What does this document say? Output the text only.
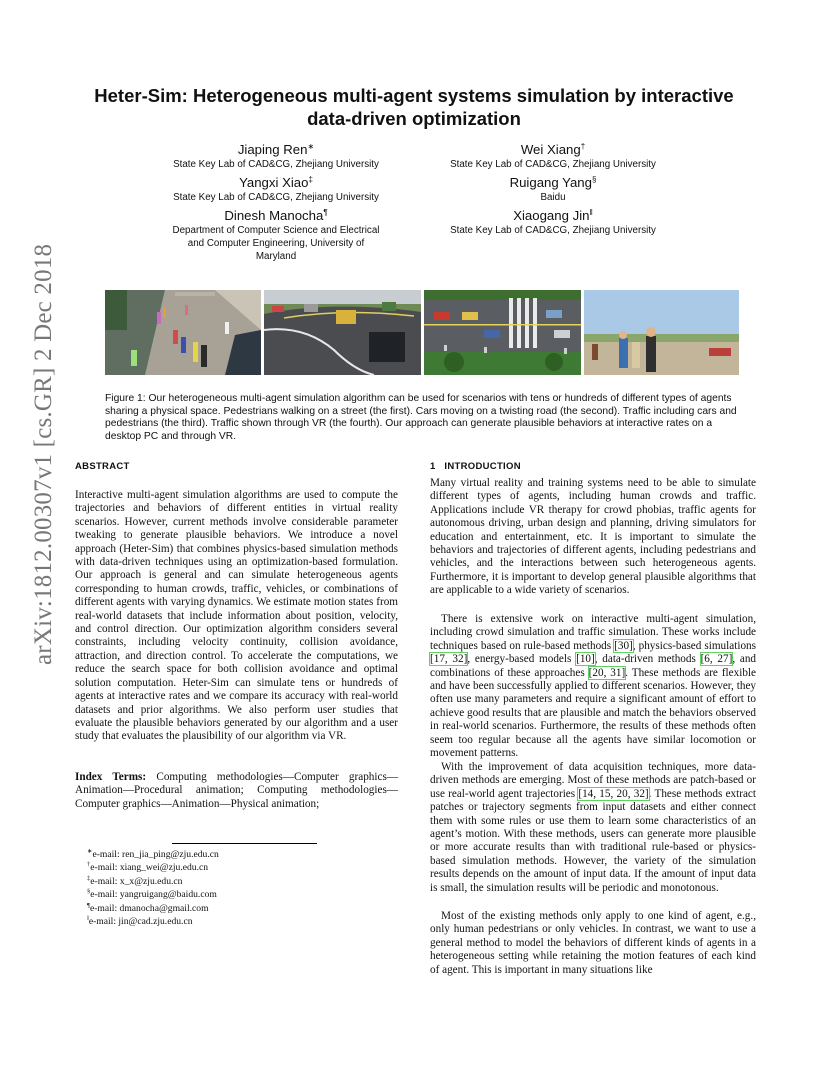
Heter-Sim: Heterogeneous multi-agent systems simulation by interactive
data-driven optimization
Jiaping Ren∗
State Key Lab of CAD&CG, Zhejiang University
Yangxi Xiao‡
State Key Lab of CAD&CG, Zhejiang University
Dinesh Manocha¶
Department of Computer Science and Electrical
and Computer Engineering, University of
Maryland
Wei Xiang†
State Key Lab of CAD&CG, Zhejiang University
Ruigang Yang§
Baidu
Xiaogang Jin‖
State Key Lab of CAD&CG, Zhejiang University
arXiv:1812.00307v1 [cs.GR] 2 Dec 2018	Figure 1: Our heterogeneous multi-agent simulation algorithm can be used for scenarios with tens or hundreds of different types of agents sharing a physical space. Pedestrians walking on a street (the first). Cars moving on a twisting road (the second). Traffic including cars and pedestrians (the third). Traffic shown through VR (the fourth). Our approach can generate plausible behaviors at interactive rates on a desktop PC and through VR.
ABSTRACT
Interactive multi-agent simulation algorithms are used to compute the trajectories and behaviors of different entities in virtual reality scenarios. However, current methods involve considerable parameter tweaking to generate plausible behaviors. We introduce a novel approach (Heter-Sim) that combines physics-based simulation methods with data-driven techniques using an optimization-based formulation. Our approach is general and can simulate heterogeneous agents corresponding to human crowds, traffic, vehicles, or combinations of different agents with varying dynamics. We estimate motion states from real-world datasets that include information about position, velocity, and control direction. Our optimization algorithm considers several constraints, including velocity continuity, collision avoidance, attraction, and direction control. To accelerate the computations, we reduce the search space for both collision avoidance and optimal solution computation. Heter-Sim can simulate tens or hundreds of agents at interactive rates and we compare its accuracy with real-world datasets and prior algorithms. We also perform user studies that evaluate the plausible behaviors generated by our algorithm and a user study that evaluates the plausibility of our algorithm via VR.
Index Terms: Computing methodologies—Computer graphics—Animation—Procedural animation; Computing methodologies—Computer graphics—Animation—Physical animation;
∗e-mail: ren_jia_ping@zju.edu.cn
†e-mail: xiang_wei@zju.edu.cn
‡e-mail: x_x@zju.edu.cn
§e-mail: yangruigang@baidu.com
¶e-mail: dmanocha@gmail.com
‖e-mail: jin@cad.zju.edu.cn
1 INTRODUCTION
Many virtual reality and training systems need to be able to simulate different types of agents, including human crowds and traffic. Applications include VR therapy for crowd phobias, traffic agents for autonomous driving, urban design and planning, driving simulators for education and entertainment, etc. It is important to simulate the behaviors and trajectories of different agents, including pedestrians and vehicles, and the interactions between such heterogeneous agents. Furthermore, it is important to develop general plausible algorithms that are applicable to a wide variety of scenarios.
There is extensive work on interactive multi-agent simulation, including crowd simulation and traffic simulation. These works include techniques based on rule-based methods [30], physics-based simulations [17, 32], energy-based models [10], data-driven methods [6, 27], and combinations of these approaches [20, 31]. These methods are flexible and have been successfully applied to different scenarios. However, they often use many parameters and require a significant amount of effort to achieve good results that are plausible and match the behaviors observed in real-world scenarios. Furthermore, the results of these methods often seem too regular because all the agents have similar locomotion or movement patterns.
With the improvement of data acquisition techniques, more data-driven methods are emerging. Most of these methods are patch-based or use real-world agent trajectories [14, 15, 20, 32]. These methods extract patches or trajectory segments from input datasets and either connect them with some rules or use them to learn some characteristics of an agent’s motion. With these methods, users can generate more plausible or more accurate results than with traditional rule-based or physics-based simulation methods. However, the variety of the simulation results depends on the amount of input data. If the amount of input data is small, the simulation results will be periodic and monotonous.
Most of the existing methods only apply to one kind of agent, e.g., only human pedestrians or only vehicles. In contrast, we want to use a general method to model the behaviors of different kinds of agents in a heterogeneous setting while retaining the motion features of each kind of agent. This is important in many situations like
